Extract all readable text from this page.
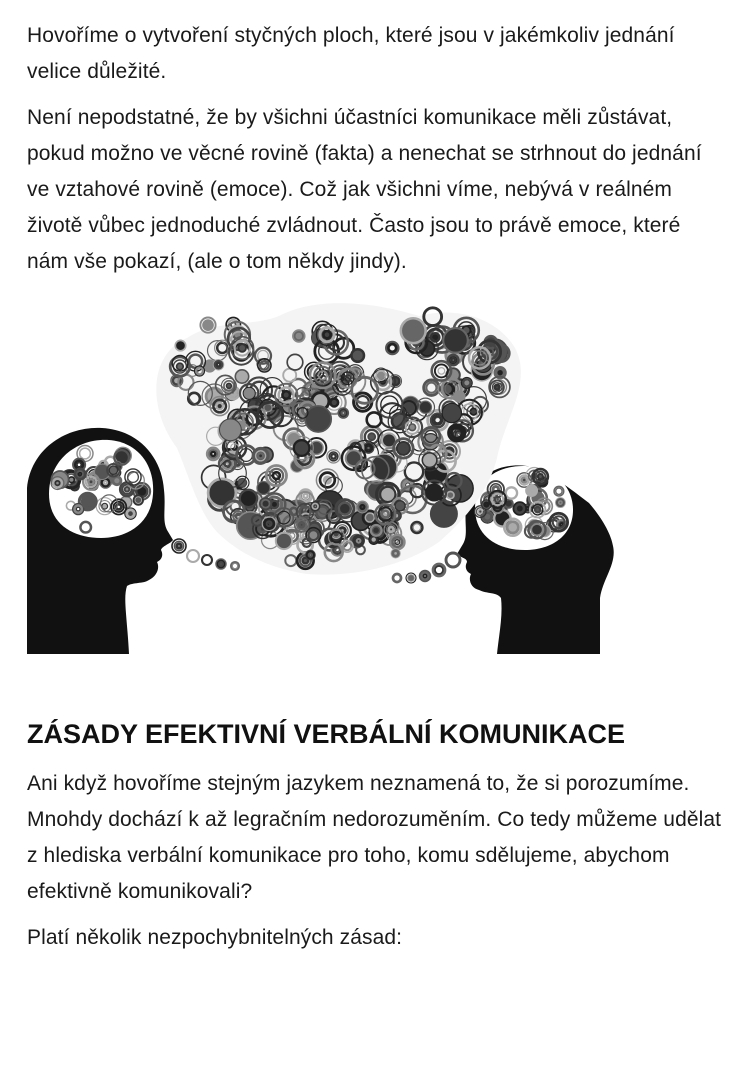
Hovoříme o vytvoření styčných ploch, které jsou v jakémkoliv jednání velice důležité.

Není nepodstatné, že by všichni účastníci komunikace měli zůstávat, pokud možno ve věcné rovině (fakta) a nenechat se strhnout do jednání ve vztahové rovině (emoce). Což jak všichni víme, nebývá v reálném životě vůbec jednoduché zvládnout. Často jsou to právě emoce, které nám vše pokazí, (ale o tom někdy jindy).

ZÁSADY EFEKTIVNÍ VERBÁLNÍ KOMUNIKACE

Ani když hovoříme stejným jazykem neznamená to, že si porozumíme. Mnohdy dochází k až legračním nedorozuměním. Co tedy můžeme udělat z hlediska verbální komunikace pro toho, komu sdělujeme, abychom efektivně komunikovali?

Platí několik nezpochybnitelných zásad:
